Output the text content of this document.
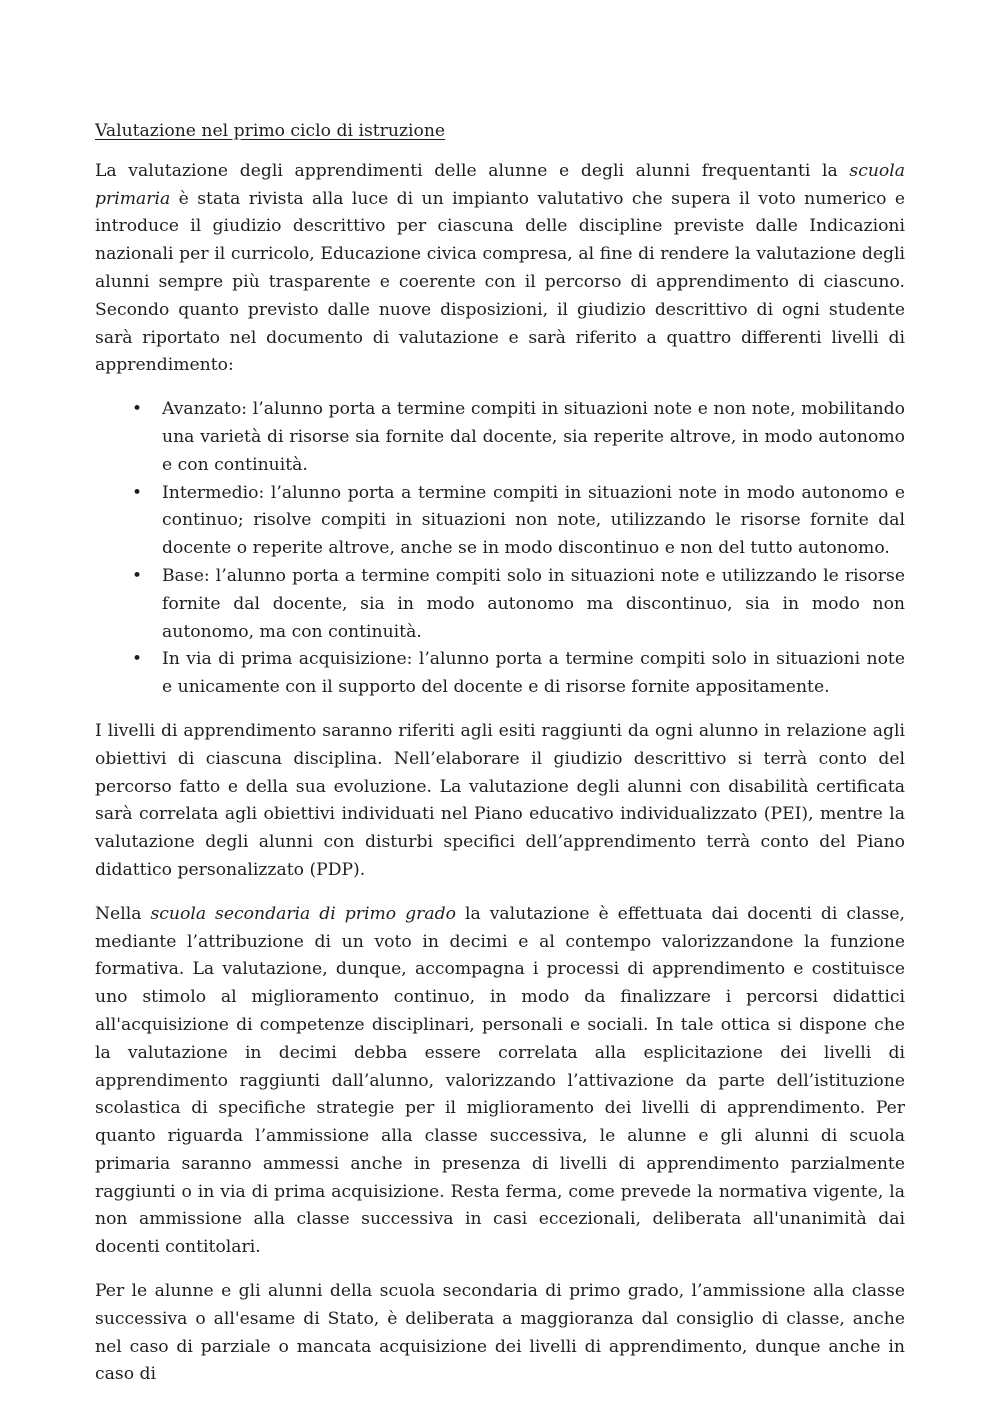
Valutazione nel primo ciclo di istruzione

La valutazione degli apprendimenti delle alunne e degli alunni frequentanti la scuola primaria è stata rivista alla luce di un impianto valutativo che supera il voto numerico e introduce il giudizio descrittivo per ciascuna delle discipline previste dalle Indicazioni nazionali per il curricolo, Educazione civica compresa, al fine di rendere la valutazione degli alunni sempre più trasparente e coerente con il percorso di apprendimento di ciascuno. Secondo quanto previsto dalle nuove disposizioni, il giudizio descrittivo di ogni studente sarà riportato nel documento di valutazione e sarà riferito a quattro differenti livelli di apprendimento:

• Avanzato: l’alunno porta a termine compiti in situazioni note e non note, mobilitando una varietà di risorse sia fornite dal docente, sia reperite altrove, in modo autonomo e con continuità.
• Intermedio: l’alunno porta a termine compiti in situazioni note in modo autonomo e continuo; risolve compiti in situazioni non note, utilizzando le risorse fornite dal docente o reperite altrove, anche se in modo discontinuo e non del tutto autonomo.
• Base: l’alunno porta a termine compiti solo in situazioni note e utilizzando le risorse fornite dal docente, sia in modo autonomo ma discontinuo, sia in modo non autonomo, ma con continuità.
• In via di prima acquisizione: l’alunno porta a termine compiti solo in situazioni note e unicamente con il supporto del docente e di risorse fornite appositamente.

I livelli di apprendimento saranno riferiti agli esiti raggiunti da ogni alunno in relazione agli obiettivi di ciascuna disciplina. Nell’elaborare il giudizio descrittivo si terrà conto del percorso fatto e della sua evoluzione. La valutazione degli alunni con disabilità certificata sarà correlata agli obiettivi individuati nel Piano educativo individualizzato (PEI), mentre la valutazione degli alunni con disturbi specifici dell’apprendimento terrà conto del Piano didattico personalizzato (PDP).

Nella scuola secondaria di primo grado la valutazione è effettuata dai docenti di classe, mediante l’attribuzione di un voto in decimi e al contempo valorizzandone la funzione formativa. La valutazione, dunque, accompagna i processi di apprendimento e costituisce uno stimolo al miglioramento continuo, in modo da finalizzare i percorsi didattici all'acquisizione di competenze disciplinari, personali e sociali. In tale ottica si dispone che la valutazione in decimi debba essere correlata alla esplicitazione dei livelli di apprendimento raggiunti dall’alunno, valorizzando l’attivazione da parte dell’istituzione scolastica di specifiche strategie per il miglioramento dei livelli di apprendimento. Per quanto riguarda l’ammissione alla classe successiva, le alunne e gli alunni di scuola primaria saranno ammessi anche in presenza di livelli di apprendimento parzialmente raggiunti o in via di prima acquisizione. Resta ferma, come prevede la normativa vigente, la non ammissione alla classe successiva in casi eccezionali, deliberata all'unanimità dai docenti contitolari.

Per le alunne e gli alunni della scuola secondaria di primo grado, l’ammissione alla classe successiva o all'esame di Stato, è deliberata a maggioranza dal consiglio di classe, anche nel caso di parziale o mancata acquisizione dei livelli di apprendimento, dunque anche in caso di
